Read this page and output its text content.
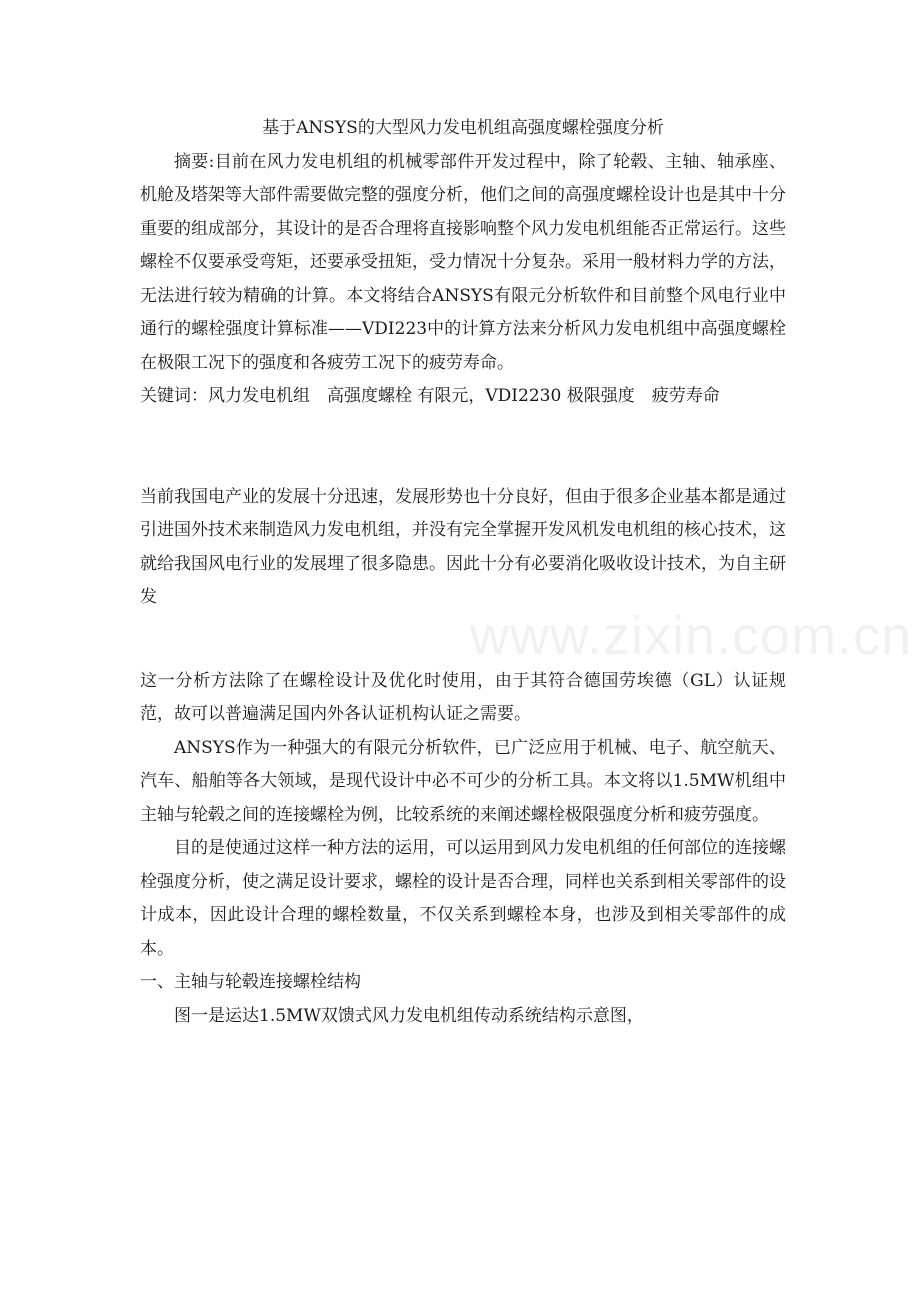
www.zixin.com.cn
基于ANSYS的大型风力发电机组高强度螺栓强度分析

摘要:目前在风力发电机组的机械零部件开发过程中，除了轮毂、主轴、轴承座、机舱及塔架等大部件需要做完整的强度分析，他们之间的高强度螺栓设计也是其中十分重要的组成部分，其设计的是否合理将直接影响整个风力发电机组能否正常运行。这些螺栓不仅要承受弯矩，还要承受扭矩，受力情况十分复杂。采用一般材料力学的方法，无法进行较为精确的计算。本文将结合ANSYS有限元分析软件和目前整个风电行业中通行的螺栓强度计算标准——VDI223中的计算方法来分析风力发电机组中高强度螺栓在极限工况下的强度和各疲劳工况下的疲劳寿命。

关键词：风力发电机组　高强度螺栓 有限元，VDI2230 极限强度　疲劳寿命

当前我国电产业的发展十分迅速，发展形势也十分良好，但由于很多企业基本都是通过引进国外技术来制造风力发电机组，并没有完全掌握开发风机发电机组的核心技术，这就给我国风电行业的发展埋了很多隐患。因此十分有必要消化吸收设计技术，为自主研发

这一分析方法除了在螺栓设计及优化时使用，由于其符合德国劳埃德（GL）认证规范，故可以普遍满足国内外各认证机构认证之需要。

ANSYS作为一种强大的有限元分析软件，已广泛应用于机械、电子、航空航天、汽车、船舶等各大领域，是现代设计中必不可少的分析工具。本文将以1.5MW机组中主轴与轮毂之间的连接螺栓为例，比较系统的来阐述螺栓极限强度分析和疲劳强度。

目的是使通过这样一种方法的运用，可以运用到风力发电机组的任何部位的连接螺栓强度分析，使之满足设计要求，螺栓的设计是否合理，同样也关系到相关零部件的设计成本，因此设计合理的螺栓数量，不仅关系到螺栓本身，也涉及到相关零部件的成本。

一、主轴与轮毂连接螺栓结构

图一是运达1.5MW双馈式风力发电机组传动系统结构示意图，
